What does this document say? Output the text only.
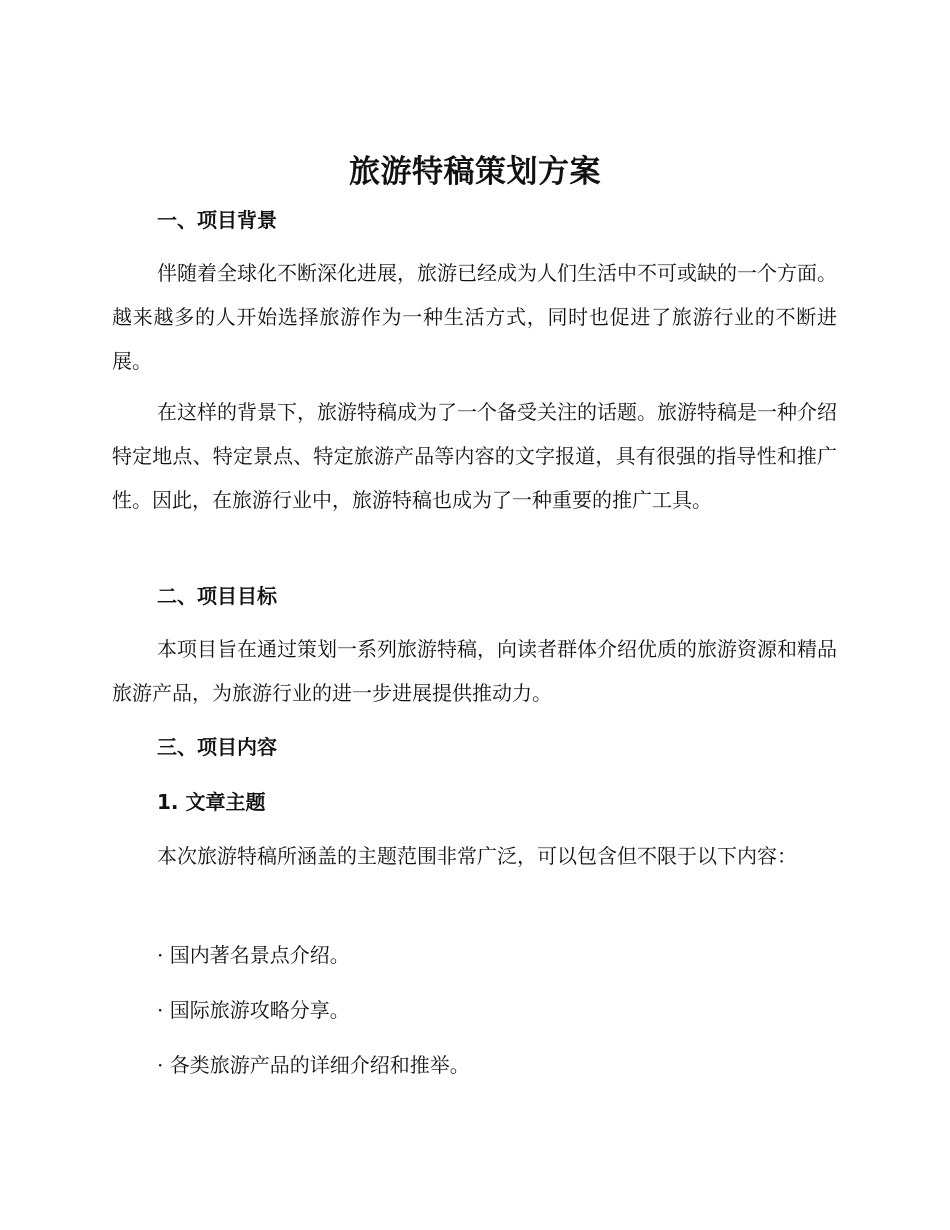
旅游特稿策划方案
一、项目背景
伴随着全球化不断深化进展，旅游已经成为人们生活中不可或缺的一个方面。越来越多的人开始选择旅游作为一种生活方式，同时也促进了旅游行业的不断进展。
在这样的背景下，旅游特稿成为了一个备受关注的话题。旅游特稿是一种介绍特定地点、特定景点、特定旅游产品等内容的文字报道，具有很强的指导性和推广性。因此，在旅游行业中，旅游特稿也成为了一种重要的推广工具。
二、项目目标
本项目旨在通过策划一系列旅游特稿，向读者群体介绍优质的旅游资源和精品旅游产品，为旅游行业的进一步进展提供推动力。
三、项目内容
1. 文章主题
本次旅游特稿所涵盖的主题范围非常广泛，可以包含但不限于以下内容：
· 国内著名景点介绍。
· 国际旅游攻略分享。
· 各类旅游产品的详细介绍和推举。
